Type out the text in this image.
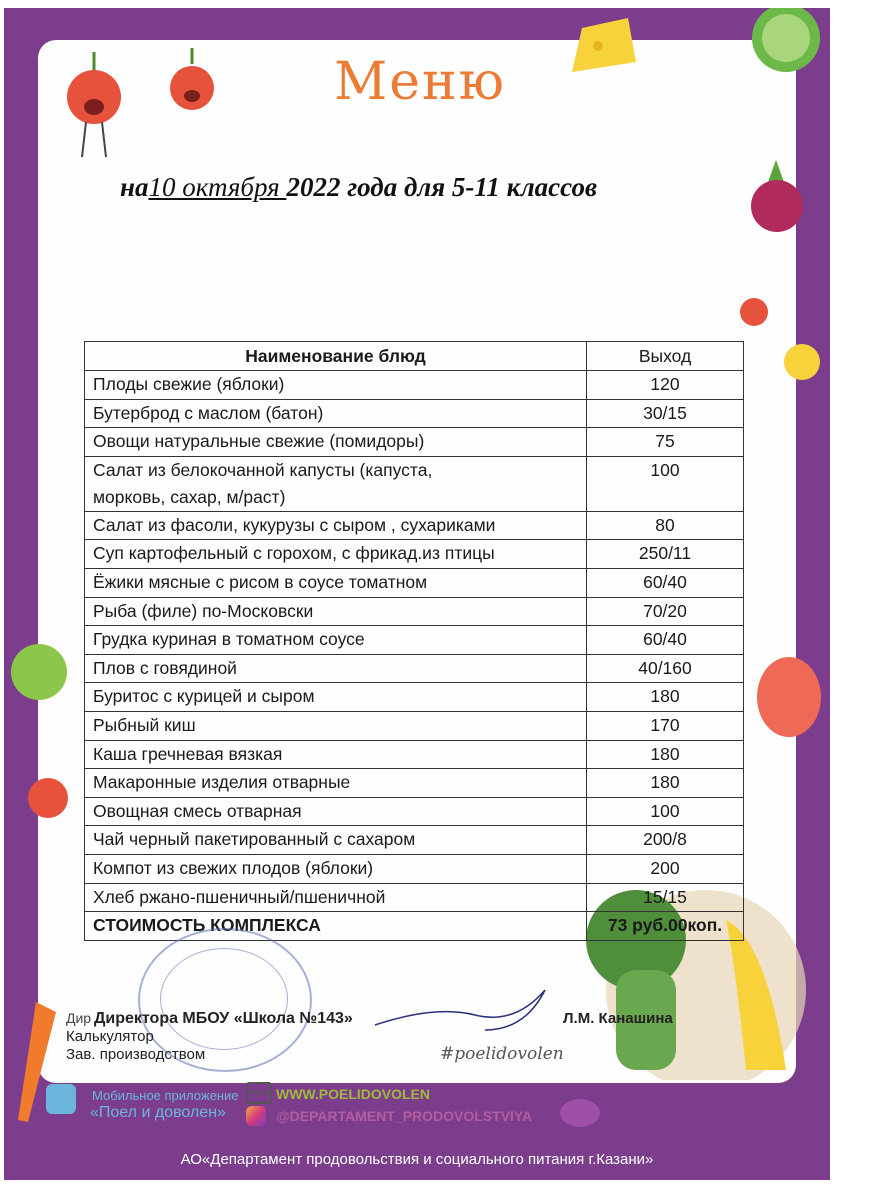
АО«Департамент продовольствия и социального питания г.Казани»
Меню
на10 октября 2022 года для 5-11 классов
Наименование блюд	Выход

Плоды свежие (яблоки)	120

Бутерброд с маслом (батон)	30/15

Овощи натуральные свежие (помидоры)	75

Салат из белокочанной капусты (капуста,
морковь, сахар, м/раст)	100

Салат из фасоли, кукурузы с сыром , сухариками	80

Суп картофельный с горохом, с фрикад.из птицы	250/11

Ёжики мясные с рисом в соусе томатном	60/40

Рыба (филе) по-Московски	70/20

Грудка куриная в томатном соусе	60/40

Плов с говядиной	40/160

Буритос с курицей и сыром	180

Рыбный киш	170

Каша гречневая вязкая	180

Макаронные изделия отварные	180

Овощная смесь отварная	100

Чай черный пакетированный с сахаром	200/8

Компот из свежих плодов (яблоки)	200

Хлеб ржано-пшеничный/пшеничной	15/15
СТОИМОСТЬ КОМПЛЕКСА	73 руб.00коп.
Дир Директора МБОУ «Школа №143»	Л.М. Канашина
Калькулятор
Зав. производством	#poelidovolen
Мобильное приложение
«Поел и доволен»
www WWW.POELIDOVOLEN
@DEPARTAMENT_PRODOVOLSTVIYA
